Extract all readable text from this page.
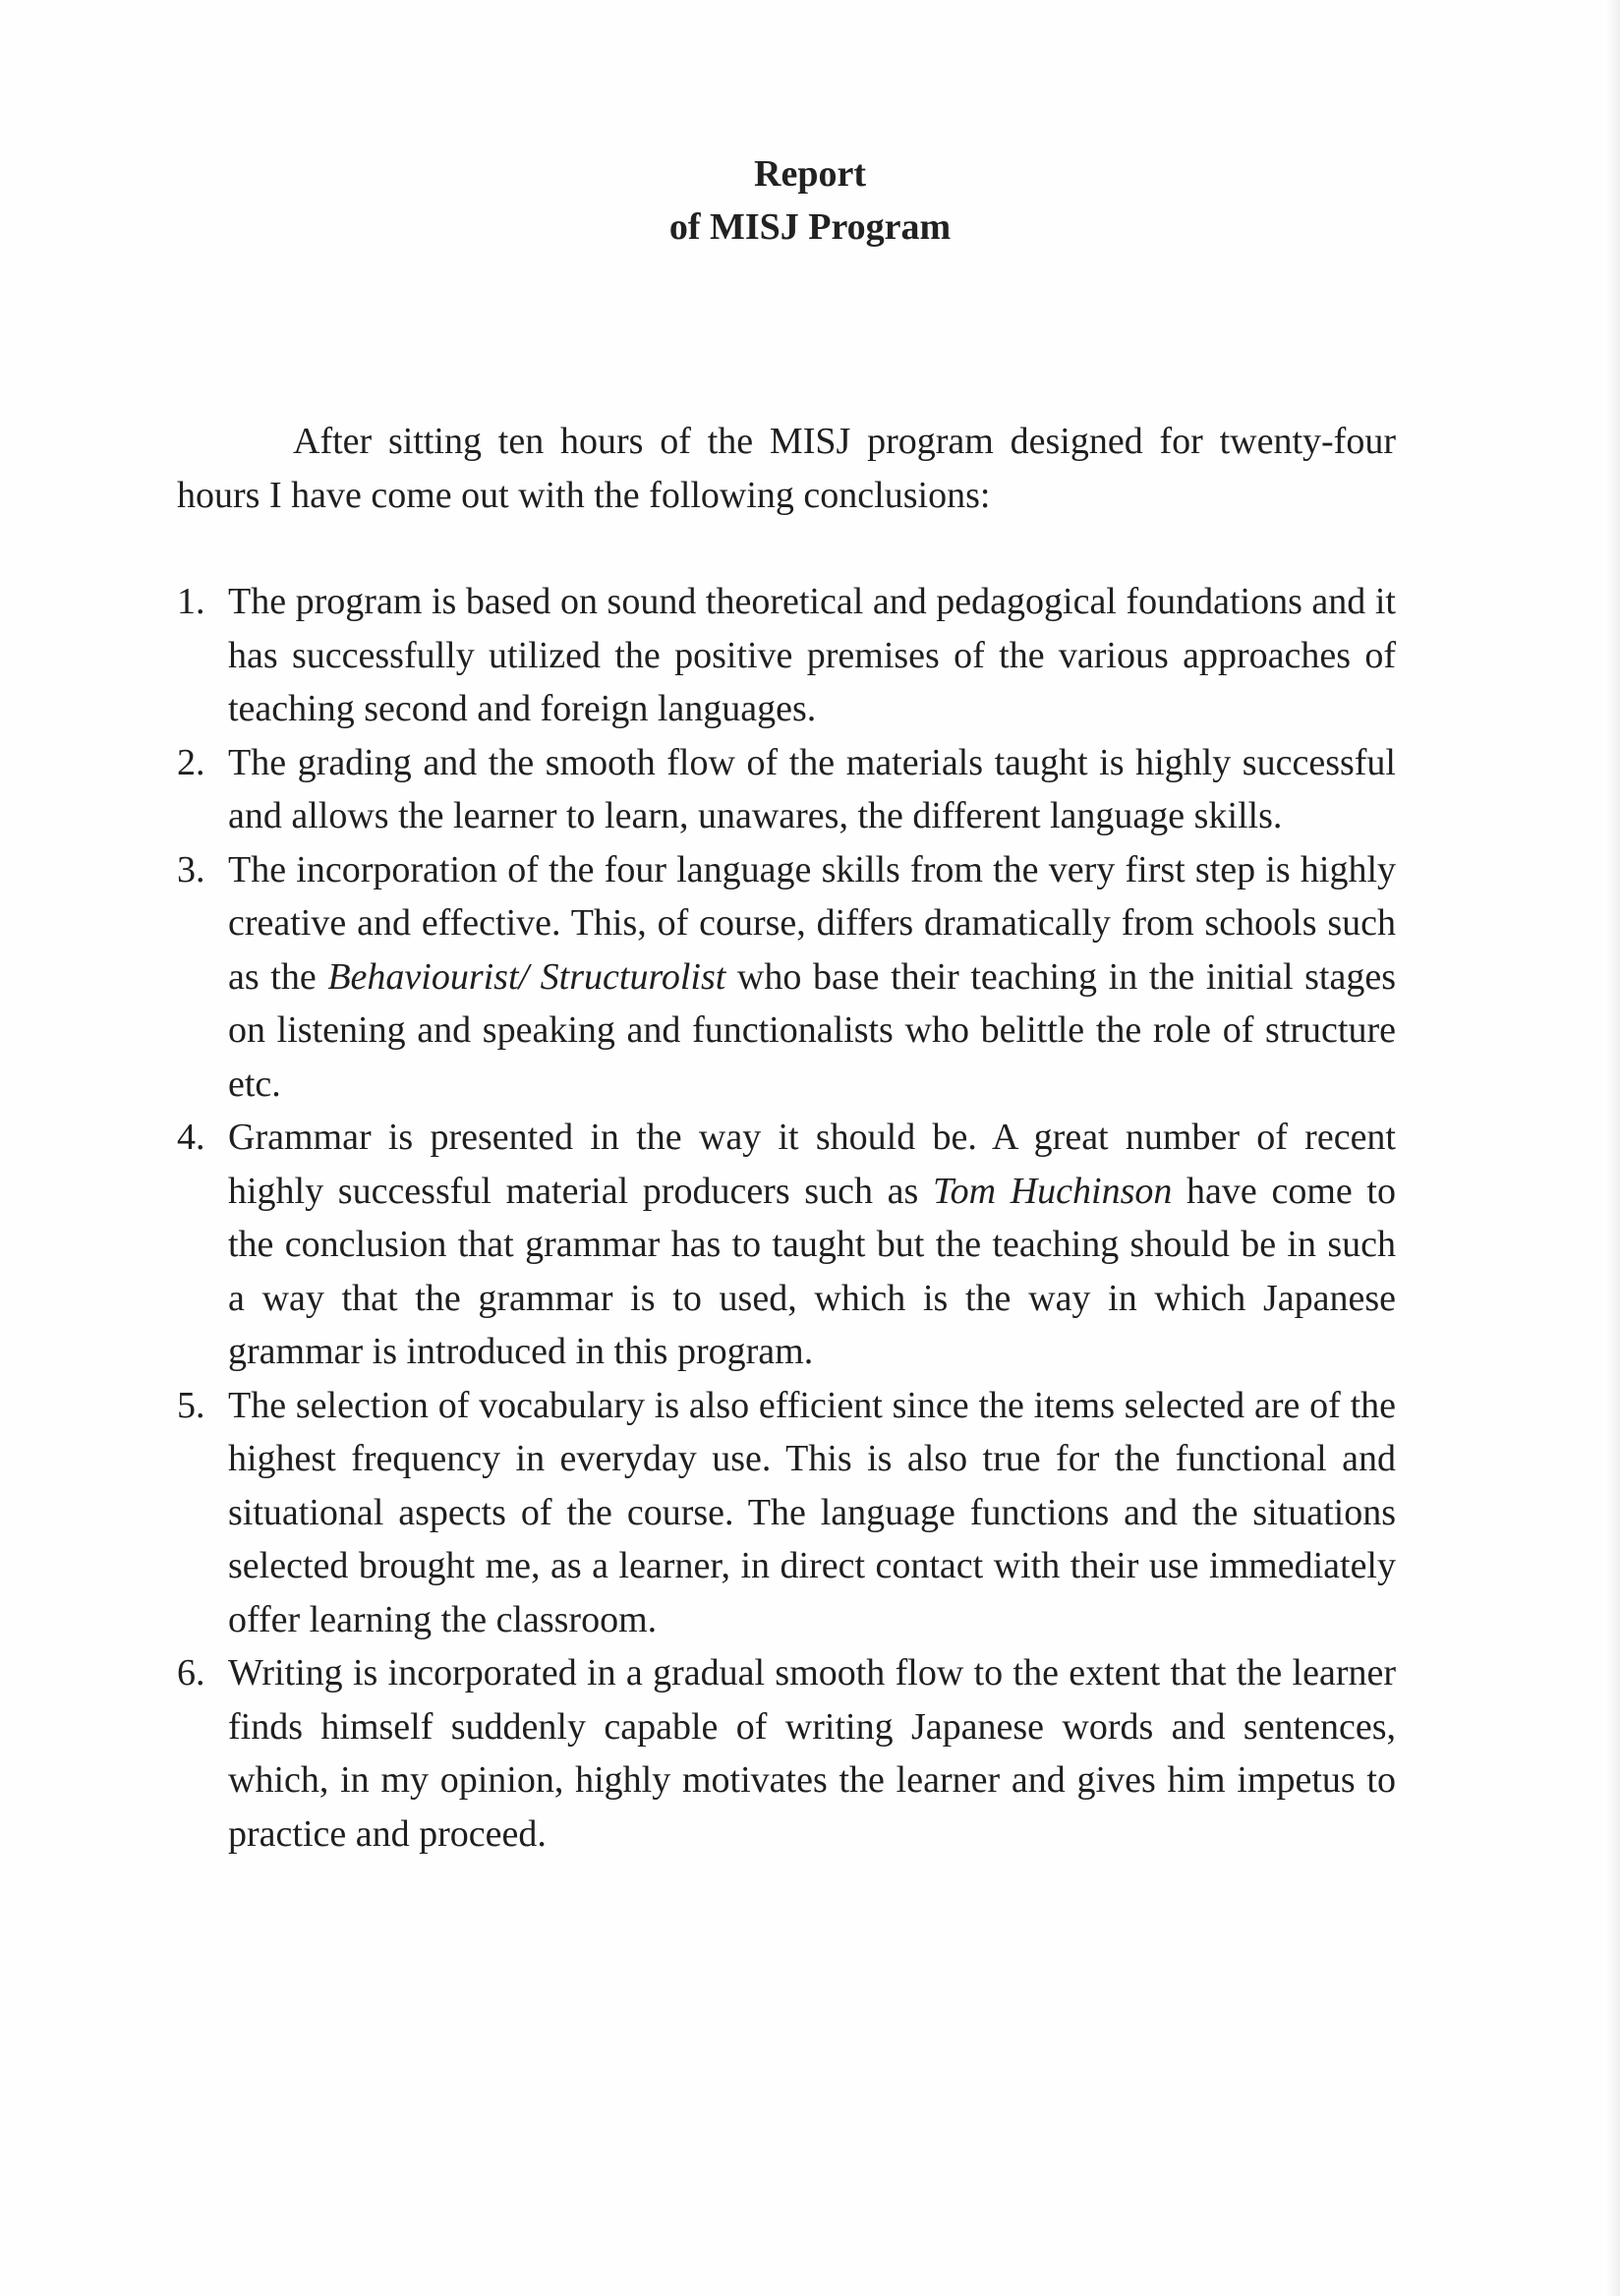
Report
of MISJ Program

After sitting ten hours of the MISJ program designed for twenty-four hours I have come out with the following conclusions:

1. The program is based on sound theoretical and pedagogical foundations and it has successfully utilized the positive premises of the various approaches of teaching second and foreign languages.
2. The grading and the smooth flow of the materials taught is highly successful and allows the learner to learn, unawares, the different language skills.
3. The incorporation of the four language skills from the very first step is highly creative and effective. This, of course, differs dramatically from schools such as the Behaviourist/ Structurolist who base their teaching in the initial stages on listening and speaking and functionalists who belittle the role of structure etc.
4. Grammar is presented in the way it should be. A great number of recent highly successful material producers such as Tom Huchinson have come to the conclusion that grammar has to taught but the teaching should be in such a way that the grammar is to used, which is the way in which Japanese grammar is introduced in this program.
5. The selection of vocabulary is also efficient since the items selected are of the highest frequency in everyday use. This is also true for the functional and situational aspects of the course. The language functions and the situations selected brought me, as a learner, in direct contact with their use immediately offer learning the classroom.
6. Writing is incorporated in a gradual smooth flow to the extent that the learner finds himself suddenly capable of writing Japanese words and sentences, which, in my opinion, highly motivates the learner and gives him impetus to practice and proceed.
